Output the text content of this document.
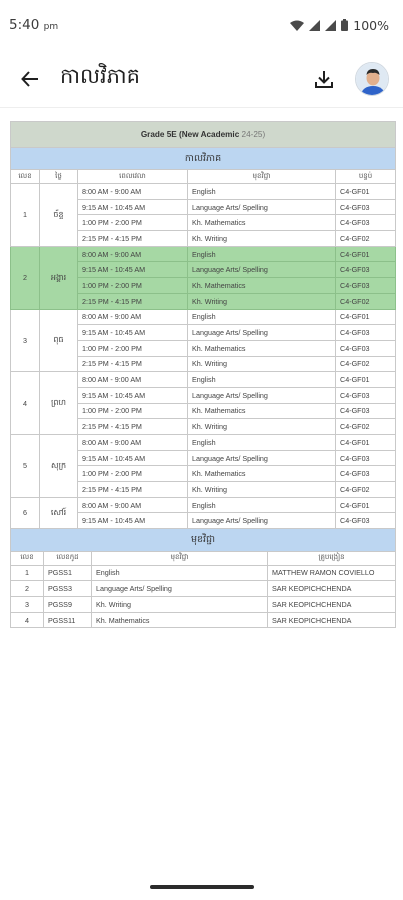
5:40 pm	100%
កាលវិភាគ
Grade 5E (New Academic 24-25)				
កាលវិភាគ				
លេខ	ថ្ងៃ	ពេលវេលា	មុខវិជ្ជា	បន្ទប់
1	ច័ន្ទ	8:00 AM - 9:00 AM	English	C4-GF01
		9:15 AM - 10:45 AM	Language Arts/ Spelling	C4-GF03
		1:00 PM - 2:00 PM	Kh. Mathematics	C4-GF03
		2:15 PM - 4:15 PM	Kh. Writing	C4-GF02
2	អង្គារ	8:00 AM - 9:00 AM	English	C4-GF01
		9:15 AM - 10:45 AM	Language Arts/ Spelling	C4-GF03
		1:00 PM - 2:00 PM	Kh. Mathematics	C4-GF03
		2:15 PM - 4:15 PM	Kh. Writing	C4-GF02
3	ពុធ	8:00 AM - 9:00 AM	English	C4-GF01
		9:15 AM - 10:45 AM	Language Arts/ Spelling	C4-GF03
		1:00 PM - 2:00 PM	Kh. Mathematics	C4-GF03
		2:15 PM - 4:15 PM	Kh. Writing	C4-GF02
4	ព្រហ	8:00 AM - 9:00 AM	English	C4-GF01
		9:15 AM - 10:45 AM	Language Arts/ Spelling	C4-GF03
		1:00 PM - 2:00 PM	Kh. Mathematics	C4-GF03
		2:15 PM - 4:15 PM	Kh. Writing	C4-GF02
5	សុក្រ	8:00 AM - 9:00 AM	English	C4-GF01
		9:15 AM - 10:45 AM	Language Arts/ Spelling	C4-GF03
		1:00 PM - 2:00 PM	Kh. Mathematics	C4-GF03
		2:15 PM - 4:15 PM	Kh. Writing	C4-GF02
6	សៅរ៍	8:00 AM - 9:00 AM	English	C4-GF01
		9:15 AM - 10:45 AM	Language Arts/ Spelling	C4-GF03
មុខវិជ្ជា			
លេខ	លេខកូដ	មុខវិជ្ជា	គ្រូបង្រៀន
1	PGSS1	English	MATTHEW RAMON COVIELLO
2	PGSS3	Language Arts/ Spelling	SAR KEOPICHCHENDA
3	PGSS9	Kh. Writing	SAR KEOPICHCHENDA
4	PGSS11	Kh. Mathematics	SAR KEOPICHCHENDA
